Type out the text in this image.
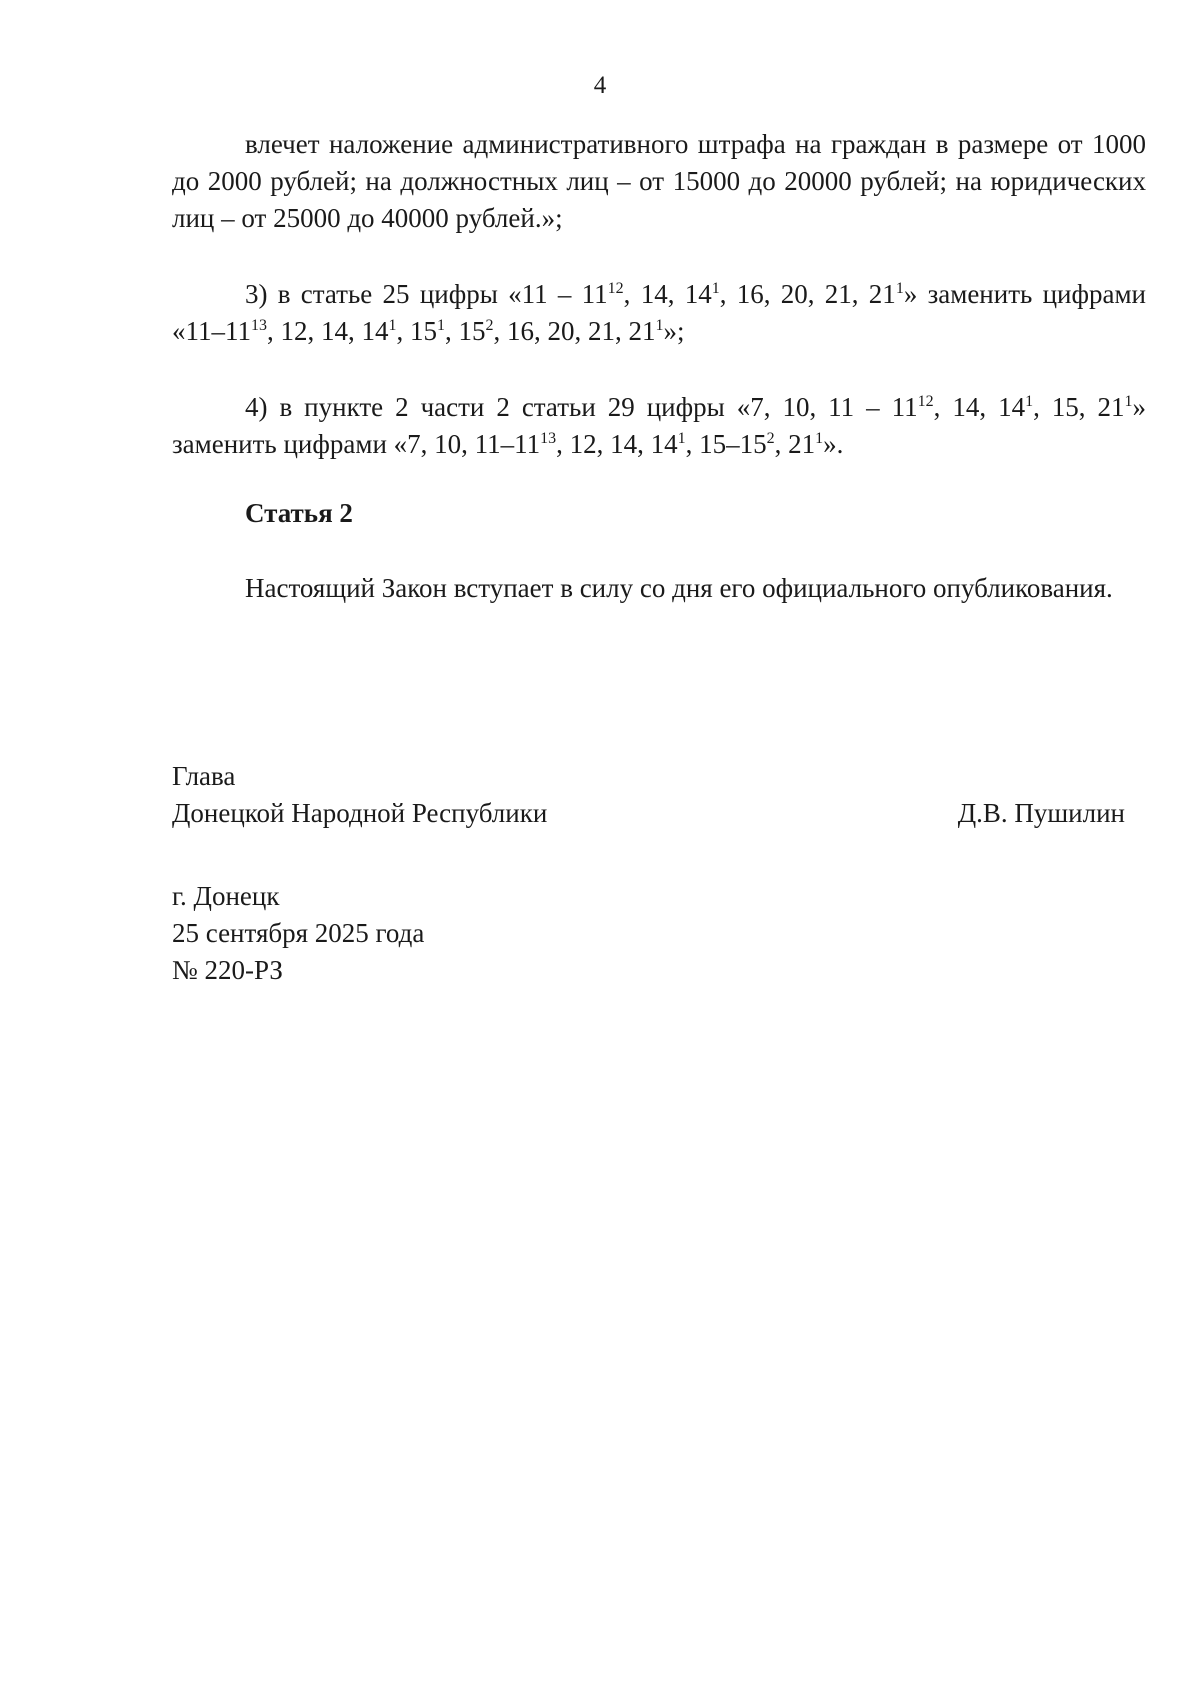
4

влечет наложение административного штрафа на граждан в размере от 1000 до 2000 рублей; на должностных лиц – от 15000 до 20000 рублей; на юридических лиц – от 25000 до 40000 рублей.»;

3) в статье 25 цифры «$11 - 11^{12}$, 14, $14^1$, 16, 20, 21, $21^1$» заменить цифрами «$11-11^{13}$, 12, 14, $14^1$, $15^1$, $15^2$, 16, 20, 21, $21^1$»;

4) в пункте 2 части 2 статьи 29 цифры «7, 10, $11 - 11^{12}$, 14, $14^1$, 15, $21^1$» заменить цифрами «7, 10, $11-11^{13}$, 12, 14, $14^1$, $15-15^2$, $21^1$».

Статья 2
Настоящий Закон вступает в силу со дня его официального опубликования.
Глава
Донецкой Народной Республики	Д.В. Пушилин
г. Донецк
25 сентября 2025 года
№ 220-РЗ
